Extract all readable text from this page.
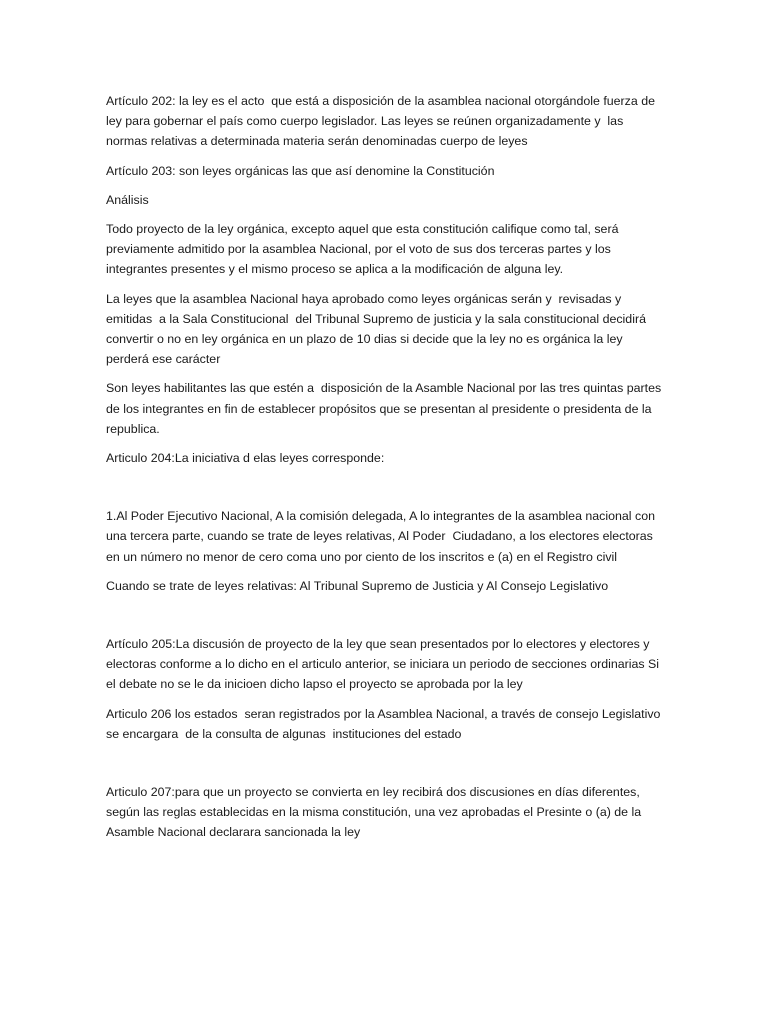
Artículo 202: la ley es el acto  que está a disposición de la asamblea nacional otorgándole fuerza de ley para gobernar el país como cuerpo legislador. Las leyes se reúnen organizadamente y  las normas relativas a determinada materia serán denominadas cuerpo de leyes

Artículo 203: son leyes orgánicas las que así denomine la Constitución

Análisis

Todo proyecto de la ley orgánica, excepto aquel que esta constitución califique como tal, será previamente admitido por la asamblea Nacional, por el voto de sus dos terceras partes y los integrantes presentes y el mismo proceso se aplica a la modificación de alguna ley.

La leyes que la asamblea Nacional haya aprobado como leyes orgánicas serán y  revisadas y emitidas  a la Sala Constitucional  del Tribunal Supremo de justicia y la sala constitucional decidirá convertir o no en ley orgánica en un plazo de 10 dias si decide que la ley no es orgánica la ley perderá ese carácter

Son leyes habilitantes las que estén a  disposición de la Asamble Nacional por las tres quintas partes de los integrantes en fin de establecer propósitos que se presentan al presidente o presidenta de la republica.

Articulo 204:La iniciativa d elas leyes corresponde:

1.Al Poder Ejecutivo Nacional, A la comisión delegada, A lo integrantes de la asamblea nacional con una tercera parte, cuando se trate de leyes relativas, Al Poder  Ciudadano, a los electores electoras en un número no menor de cero coma uno por ciento de los inscritos e (a) en el Registro civil

Cuando se trate de leyes relativas: Al Tribunal Supremo de Justicia y Al Consejo Legislativo

Artículo 205:La discusión de proyecto de la ley que sean presentados por lo electores y electores y electoras conforme a lo dicho en el articulo anterior, se iniciara un periodo de secciones ordinarias Si el debate no se le da inicioen dicho lapso el proyecto se aprobada por la ley

Articulo 206 los estados  seran registrados por la Asamblea Nacional, a través de consejo Legislativo se encargara  de la consulta de algunas  instituciones del estado

Articulo 207:para que un proyecto se convierta en ley recibirá dos discusiones en días diferentes, según las reglas establecidas en la misma constitución, una vez aprobadas el Presinte o (a) de la Asamble Nacional declarara sancionada la ley
